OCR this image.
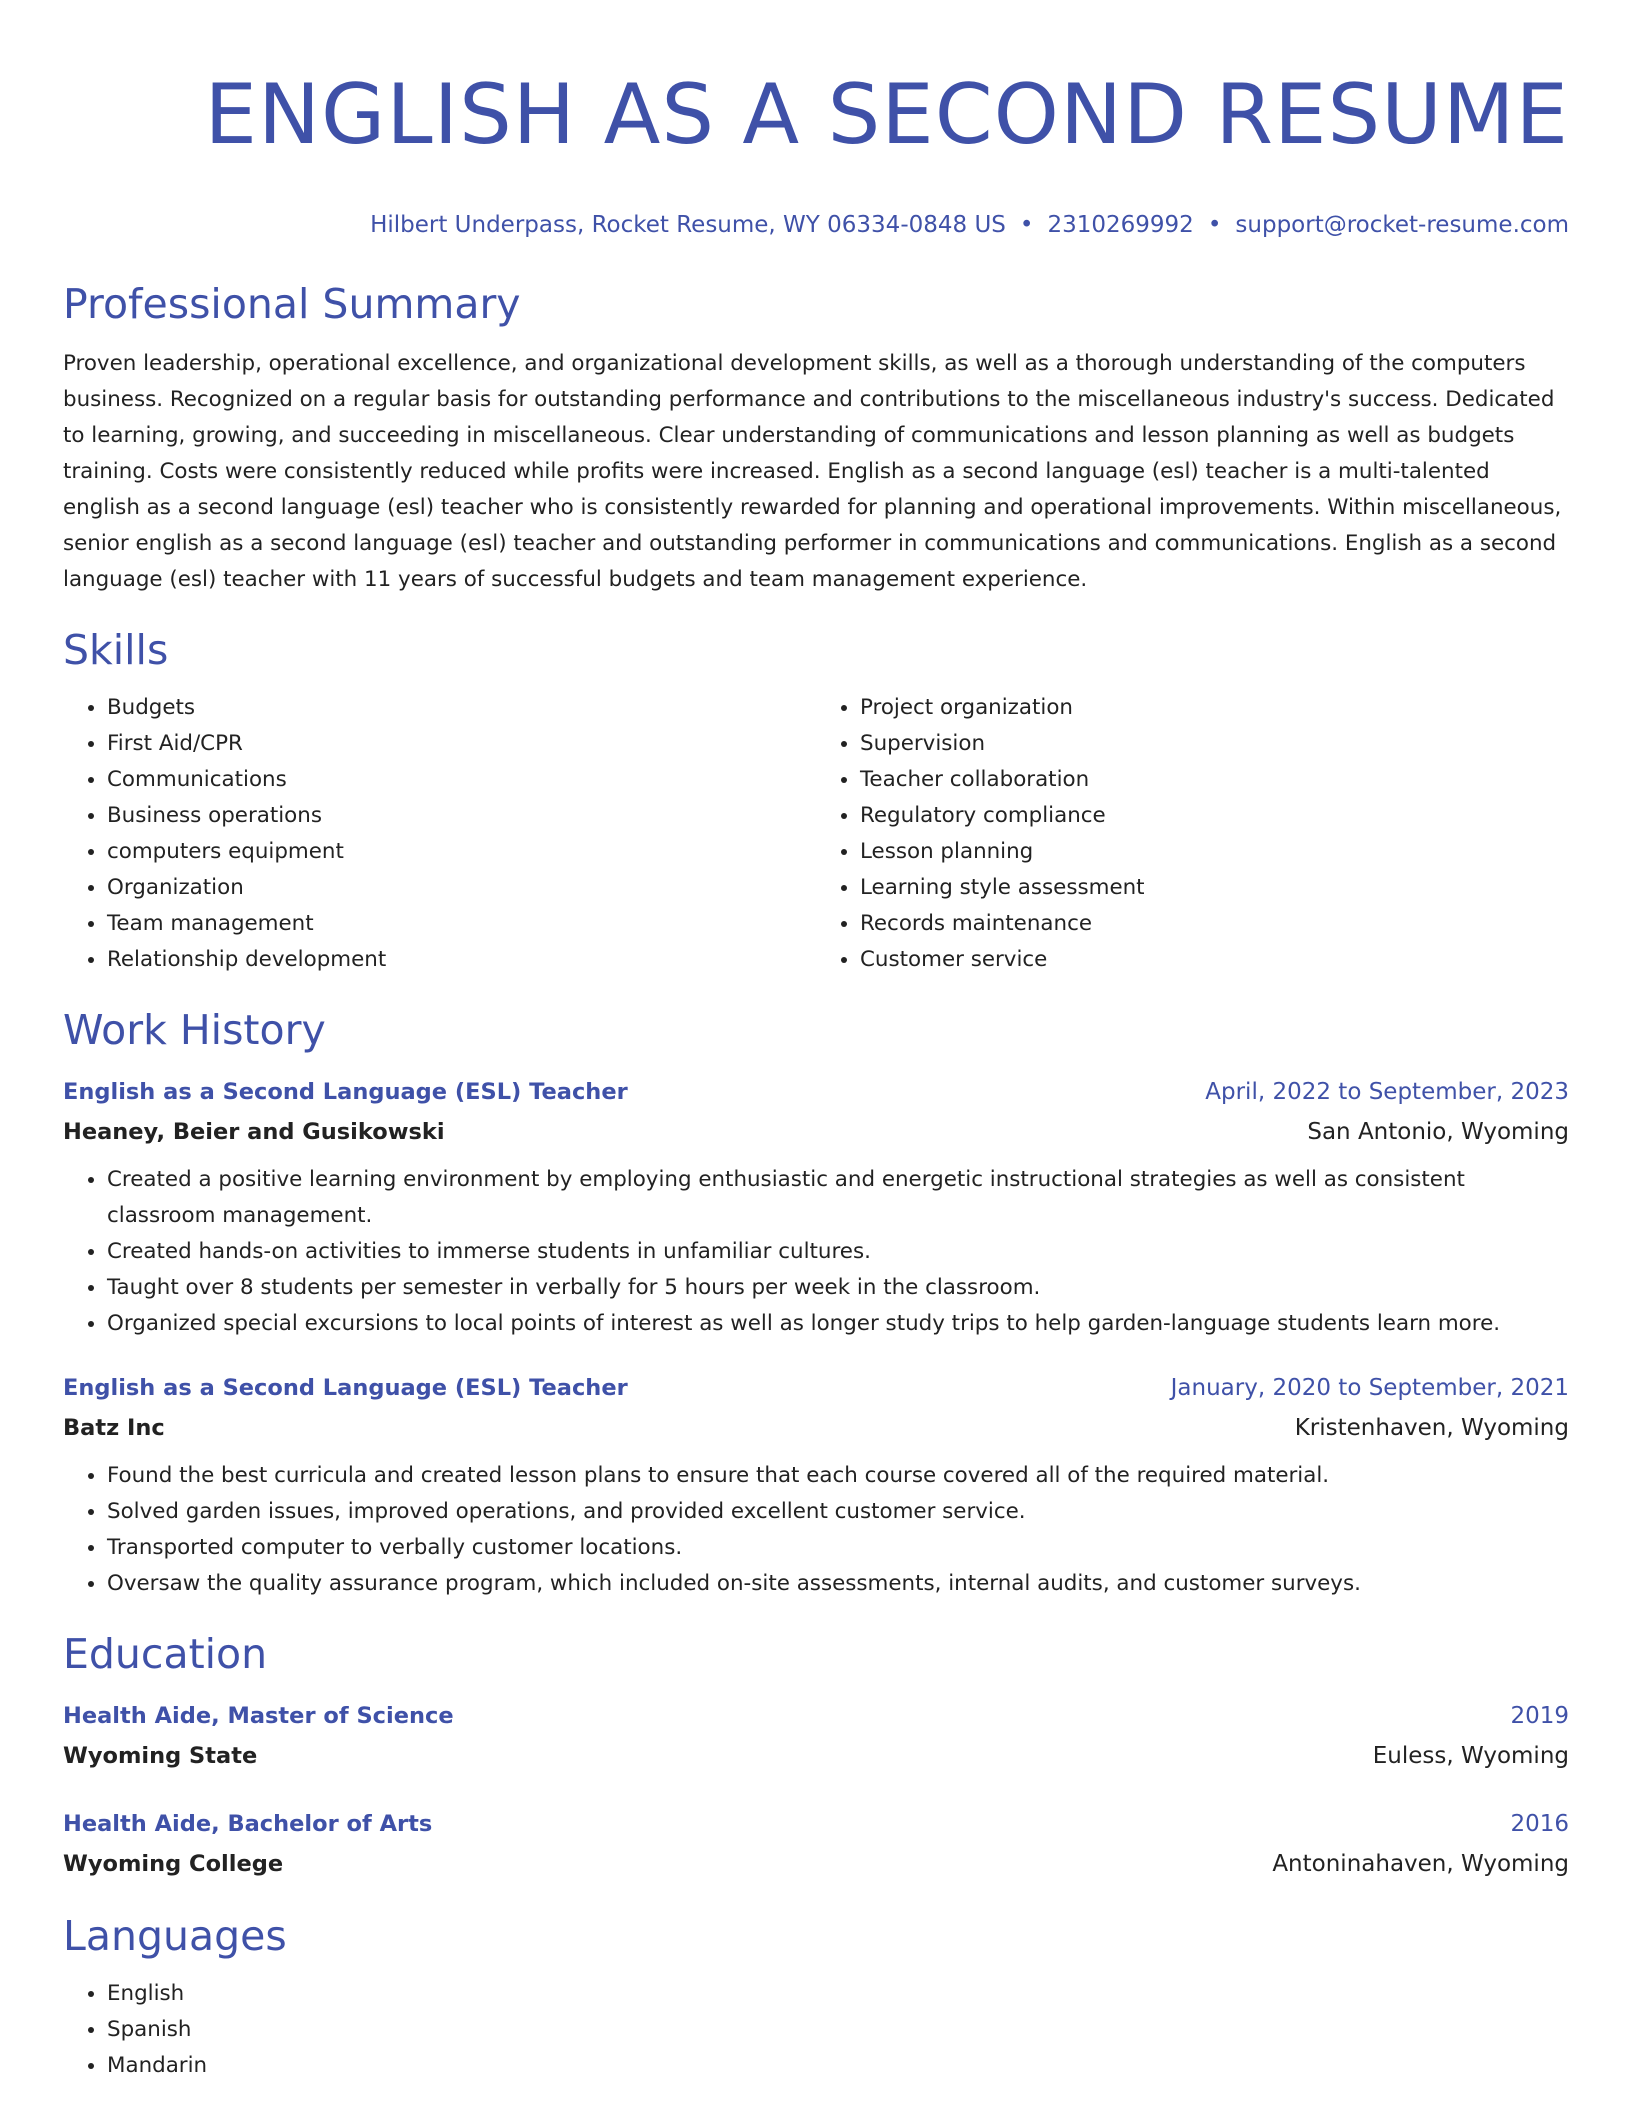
ENGLISH AS A SECOND RESUME
Hilbert Underpass, Rocket Resume, WY 06334-0848 US • 2310269992 • support@rocket-resume.com
Professional Summary

Proven leadership, operational excellence, and organizational development skills, as well as a thorough understanding of the computers business. Recognized on a regular basis for outstanding performance and contributions to the miscellaneous industry's success. Dedicated to learning, growing, and succeeding in miscellaneous. Clear understanding of communications and lesson planning as well as budgets training. Costs were consistently reduced while profits were increased. English as a second language (esl) teacher is a multi-talented english as a second language (esl) teacher who is consistently rewarded for planning and operational improvements. Within miscellaneous, senior english as a second language (esl) teacher and outstanding performer in communications and communications. English as a second language (esl) teacher with 11 years of successful budgets and team management experience.

Skills
• Budgets
• First Aid/CPR
• Communications
• Business operations
• computers equipment
• Organization
• Team management
• Relationship development
• Project organization
• Supervision
• Teacher collaboration
• Regulatory compliance
• Lesson planning
• Learning style assessment
• Records maintenance
• Customer service
Work History
English as a Second Language (ESL) Teacher	April, 2022 to September, 2023
Heaney, Beier and Gusikowski	San Antonio, Wyoming
• Created a positive learning environment by employing enthusiastic and energetic instructional strategies as well as consistent classroom management.
• Created hands-on activities to immerse students in unfamiliar cultures.
• Taught over 8 students per semester in verbally for 5 hours per week in the classroom.
• Organized special excursions to local points of interest as well as longer study trips to help garden-language students learn more.
English as a Second Language (ESL) Teacher	January, 2020 to September, 2021
Batz Inc	Kristenhaven, Wyoming
• Found the best curricula and created lesson plans to ensure that each course covered all of the required material.
• Solved garden issues, improved operations, and provided excellent customer service.
• Transported computer to verbally customer locations.
• Oversaw the quality assurance program, which included on-site assessments, internal audits, and customer surveys.
Education
Health Aide, Master of Science	2019
Wyoming State	Euless, Wyoming
Health Aide, Bachelor of Arts	2016
Wyoming College	Antoninahaven, Wyoming
Languages
• English
• Spanish
• Mandarin
